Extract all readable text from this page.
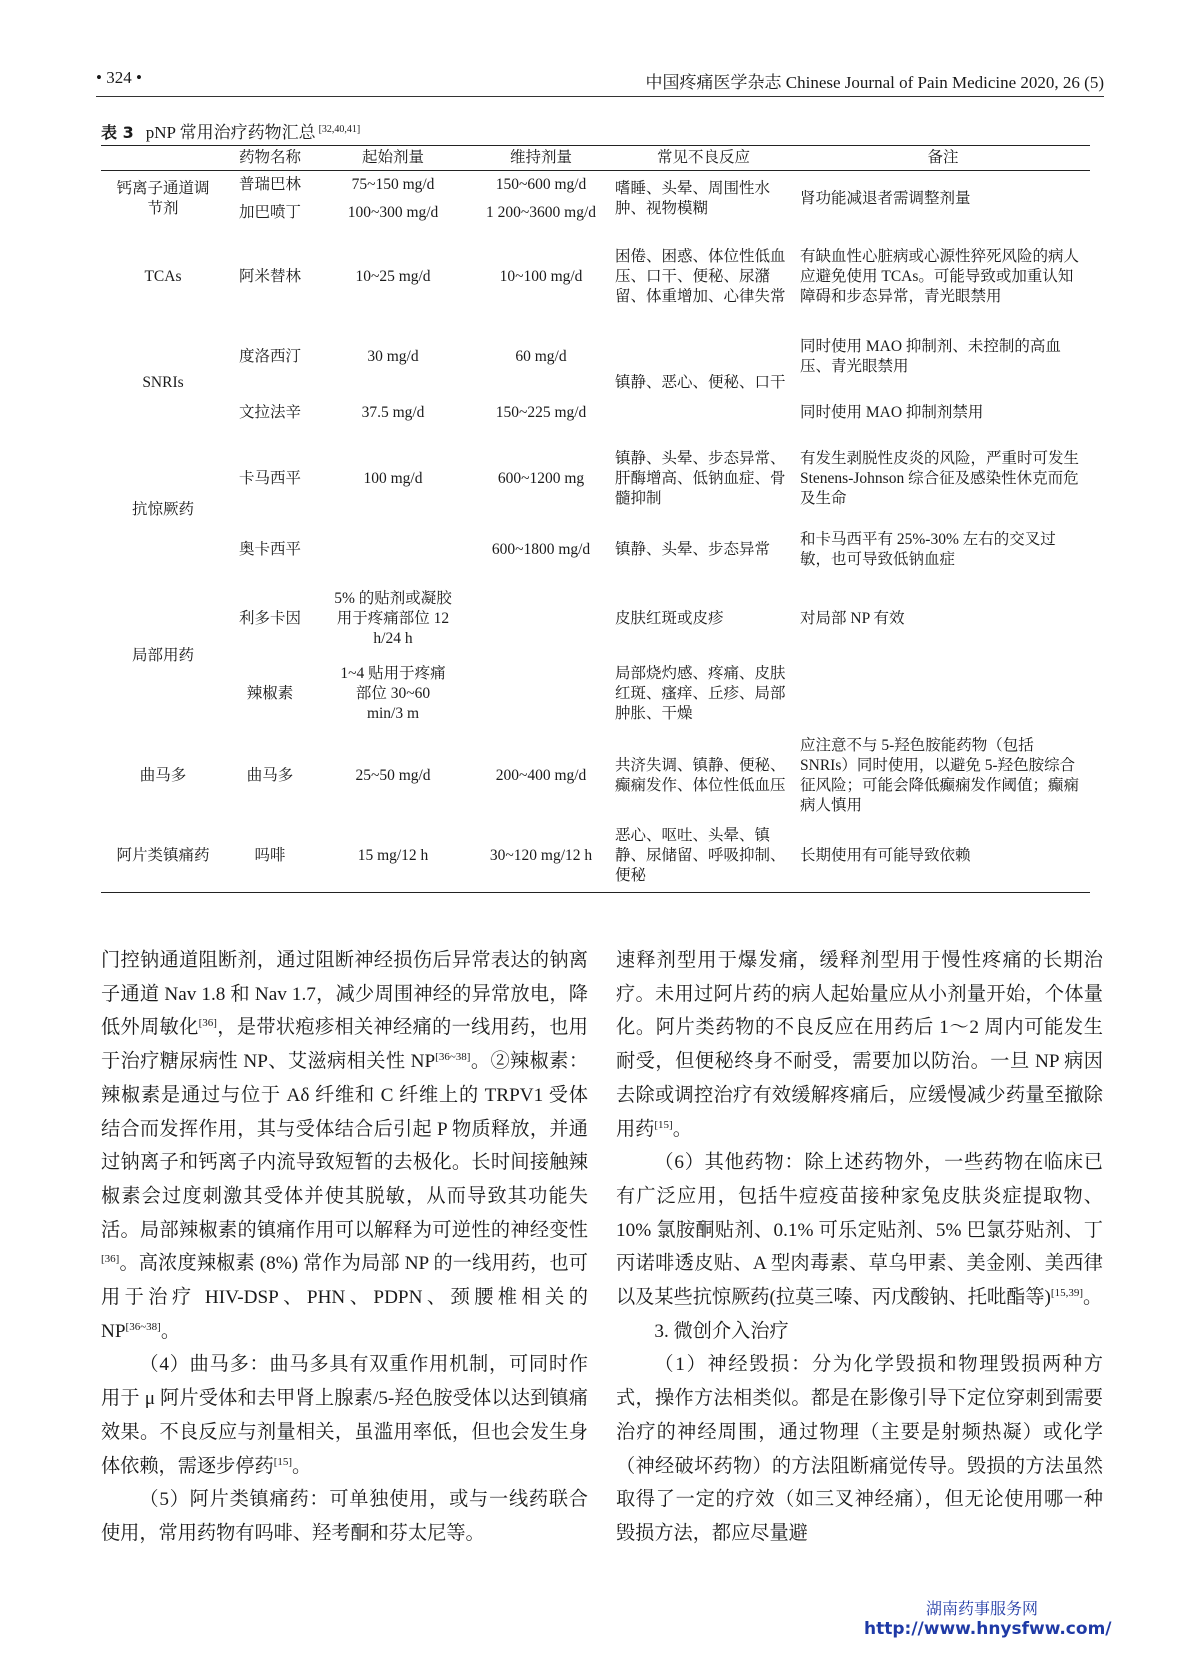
• 324 •	中国疼痛医学杂志 Chinese Journal of Pain Medicine 2020, 26 (5)
表 3 pNP 常用治疗药物汇总 [32,40,41]
	药物名称	起始剂量	维持剂量	常见不良反应	备注
钙离子通道调节剂	普瑞巴林	75~150 mg/d	150~600 mg/d	嗜睡、头晕、周围性水肿、视物模糊	肾功能减退者需调整剂量
	加巴喷丁	100~300 mg/d	1 200~3600 mg/d		
TCAs	阿米替林	10~25 mg/d	10~100 mg/d	困倦、困惑、体位性低血压、口干、便秘、尿潴留、体重增加、心律失常	有缺血性心脏病或心源性猝死风险的病人应避免使用 TCAs。可能导致或加重认知障碍和步态异常，青光眼禁用
SNRIs	度洛西汀	30 mg/d	60 mg/d	镇静、恶心、便秘、口干	同时使用 MAO 抑制剂、未控制的高血压、青光眼禁用
	文拉法辛	37.5 mg/d	150~225 mg/d		同时使用 MAO 抑制剂禁用
抗惊厥药	卡马西平	100 mg/d	600~1200 mg	镇静、头晕、步态异常、肝酶增高、低钠血症、骨髓抑制	有发生剥脱性皮炎的风险，严重时可发生 Stenens-Johnson 综合征及感染性休克而危及生命
	奥卡西平		600~1800 mg/d	镇静、头晕、步态异常	和卡马西平有 25%-30% 左右的交叉过敏，也可导致低钠血症
局部用药	利多卡因	5% 的贴剂或凝胶用于疼痛部位 12 h/24 h		皮肤红斑或皮疹	对局部 NP 有效
	辣椒素	1~4 贴用于疼痛部位 30~60 min/3 m		局部烧灼感、疼痛、皮肤红斑、瘙痒、丘疹、局部肿胀、干燥	
曲马多	曲马多	25~50 mg/d	200~400 mg/d	共济失调、镇静、便秘、癫痫发作、体位性低血压	应注意不与 5-羟色胺能药物（包括 SNRIs）同时使用，以避免 5-羟色胺综合征风险；可能会降低癫痫发作阈值；癫痫病人慎用
阿片类镇痛药	吗啡	15 mg/12 h	30~120 mg/12 h	恶心、呕吐、头晕、镇静、尿储留、呼吸抑制、便秘	长期使用有可能导致依赖

门控钠通道阻断剂，通过阻断神经损伤后异常表达的钠离子通道 Nav 1.8 和 Nav 1.7，减少周围神经的异常放电，降低外周敏化[36]，是带状疱疹相关神经痛的一线用药，也用于治疗糖尿病性 NP、艾滋病相关性 NP[36~38]。②辣椒素：辣椒素是通过与位于 Aδ 纤维和 C 纤维上的 TRPV1 受体结合而发挥作用，其与受体结合后引起 P 物质释放，并通过钠离子和钙离子内流导致短暂的去极化。长时间接触辣椒素会过度刺激其受体并使其脱敏，从而导致其功能失活。局部辣椒素的镇痛作用可以解释为可逆性的神经变性[36]。高浓度辣椒素 (8%) 常作为局部 NP 的一线用药，也可用于治疗 HIV-DSP、PHN、PDPN、颈腰椎相关的 NP[36~38]。

（4）曲马多：曲马多具有双重作用机制，可同时作用于 μ 阿片受体和去甲肾上腺素/5-羟色胺受体以达到镇痛效果。不良反应与剂量相关，虽滥用率低，但也会发生身体依赖，需逐步停药[15]。

（5）阿片类镇痛药：可单独使用，或与一线药联合使用，常用药物有吗啡、羟考酮和芬太尼等。

速释剂型用于爆发痛，缓释剂型用于慢性疼痛的长期治疗。未用过阿片药的病人起始量应从小剂量开始，个体量化。阿片类药物的不良反应在用药后 1～2 周内可能发生耐受，但便秘终身不耐受，需要加以防治。一旦 NP 病因去除或调控治疗有效缓解疼痛后，应缓慢减少药量至撤除用药[15]。

（6）其他药物：除上述药物外，一些药物在临床已有广泛应用，包括牛痘疫苗接种家兔皮肤炎症提取物、10% 氯胺酮贴剂、0.1% 可乐定贴剂、5% 巴氯芬贴剂、丁丙诺啡透皮贴、A 型肉毒素、草乌甲素、美金刚、美西律以及某些抗惊厥药(拉莫三嗪、丙戊酸钠、托吡酯等)[15,39]。

3. 微创介入治疗

（1）神经毁损：分为化学毁损和物理毁损两种方式，操作方法相类似。都是在影像引导下定位穿刺到需要治疗的神经周围，通过物理（主要是射频热凝）或化学（神经破坏药物）的方法阻断痛觉传导。毁损的方法虽然取得了一定的疗效（如三叉神经痛），但无论使用哪一种毁损方法，都应尽量避

湖南药事服务网
http://www.hnysfww.com/
